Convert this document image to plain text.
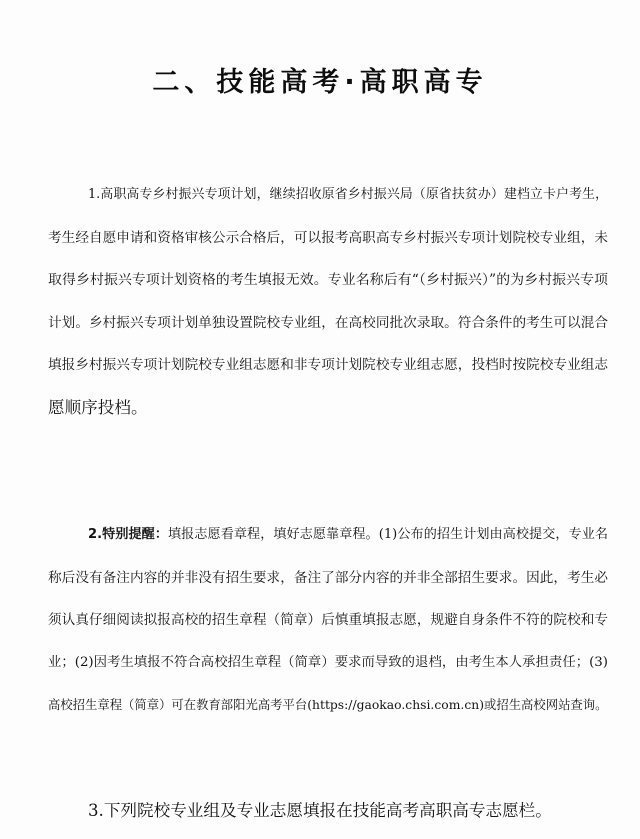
二、技能高考·高职高专
1.高职高专乡村振兴专项计划，继续招收原省乡村振兴局（原省扶贫办）建档立卡户考生，
考生经自愿申请和资格审核公示合格后，可以报考高职高专乡村振兴专项计划院校专业组，未
取得乡村振兴专项计划资格的考生填报无效。专业名称后有“（乡村振兴）”的为乡村振兴专项
计划。乡村振兴专项计划单独设置院校专业组，在高校同批次录取。符合条件的考生可以混合
填报乡村振兴专项计划院校专业组志愿和非专项计划院校专业组志愿，投档时按院校专业组志
愿顺序投档。
2.特别提醒：填报志愿看章程，填好志愿靠章程。(1)公布的招生计划由高校提交，专业名
称后没有备注内容的并非没有招生要求，备注了部分内容的并非全部招生要求。因此，考生必
须认真仔细阅读拟报高校的招生章程（简章）后慎重填报志愿，规避自身条件不符的院校和专
业；(2)因考生填报不符合高校招生章程（简章）要求而导致的退档，由考生本人承担责任；(3)
高校招生章程（简章）可在教育部阳光高考平台(https://gaokao.chsi.com.cn)或招生高校网站查询。
3.下列院校专业组及专业志愿填报在技能高考高职高专志愿栏。
